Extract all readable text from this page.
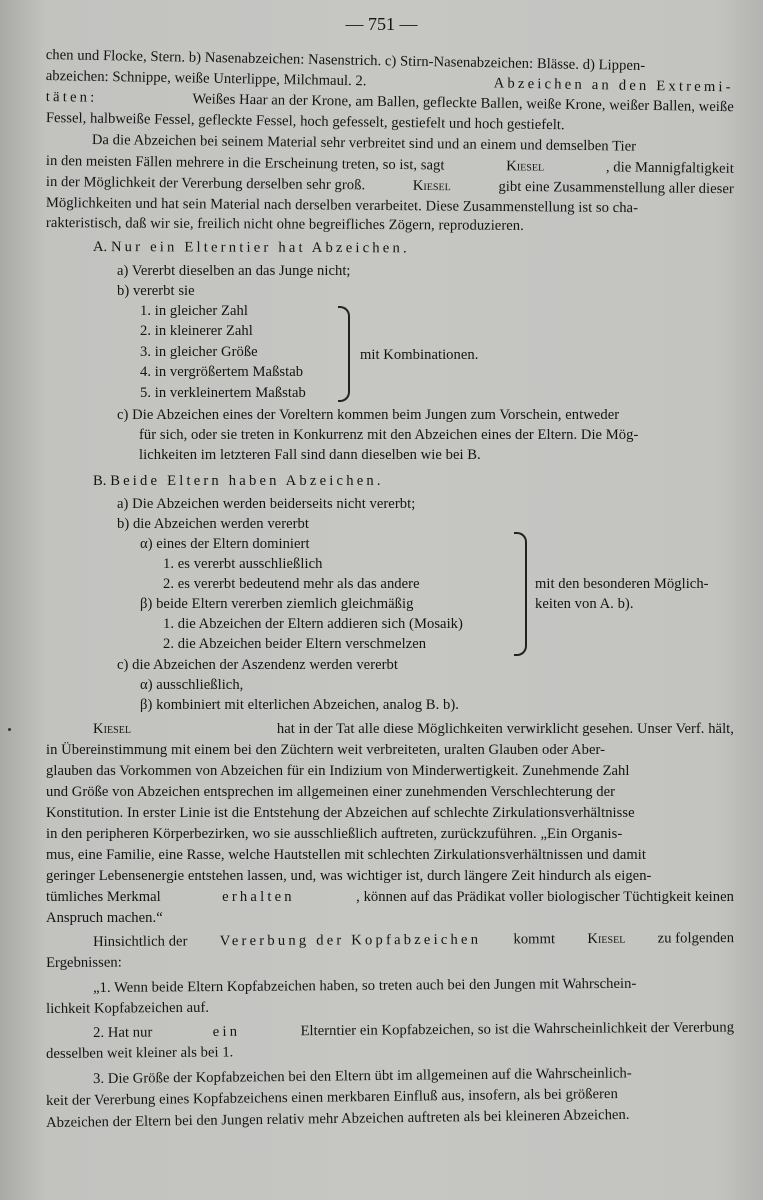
— 751 —
chen und Flocke, Stern. b) Nasenabzeichen: Nasenstrich. c) Stirn-Nasenabzeichen: Blässe. d) Lippen-
abzeichen: Schnippe, weiße Unterlippe, Milchmaul. 2.	Abzeichen an den Extremi-
täten:	Weißes Haar an der Krone, am Ballen, gefleckte Ballen, weiße Krone, weißer Ballen, weiße
Fessel, halbweiße Fessel, gefleckte Fessel, hoch gefesselt, gestiefelt und hoch gestiefelt.
Da die Abzeichen bei seinem Material sehr verbreitet sind und an einem und demselben Tier
in den meisten Fällen mehrere in die Erscheinung treten, so ist, sagt	Kiesel	, die Mannigfaltigkeit
in der Möglichkeit der Vererbung derselben sehr groß.	Kiesel	gibt eine Zusammenstellung aller dieser
Möglichkeiten und hat sein Material nach derselben verarbeitet. Diese Zusammenstellung ist so cha-
rakteristisch, daß wir sie, freilich nicht ohne begreifliches Zögern, reproduzieren.
A. Nur ein Elterntier hat Abzeichen.
a) Vererbt dieselben an das Junge nicht;
b) vererbt sie
1. in gleicher Zahl
2. in kleinerer Zahl
3. in gleicher Größe
4. in vergrößertem Maßstab
5. in verkleinertem Maßstab
mit Kombinationen.
c) Die Abzeichen eines der Voreltern kommen beim Jungen zum Vorschein, entweder
für sich, oder sie treten in Konkurrenz mit den Abzeichen eines der Eltern. Die Mög-
lichkeiten im letzteren Fall sind dann dieselben wie bei B.
B. Beide Eltern haben Abzeichen.
a) Die Abzeichen werden beiderseits nicht vererbt;
b) die Abzeichen werden vererbt
α) eines der Eltern dominiert
1. es vererbt ausschließlich
2. es vererbt bedeutend mehr als das andere
β) beide Eltern vererben ziemlich gleichmäßig
1. die Abzeichen der Eltern addieren sich (Mosaik)
2. die Abzeichen beider Eltern verschmelzen
mit den besonderen Möglich-
keiten von A. b).
c) die Abzeichen der Aszendenz werden vererbt
α) ausschließlich,
β) kombiniert mit elterlichen Abzeichen, analog B. b).
Kiesel	hat in der Tat alle diese Möglichkeiten verwirklicht gesehen. Unser Verf. hält,
in Übereinstimmung mit einem bei den Züchtern weit verbreiteten, uralten Glauben oder Aber-
glauben das Vorkommen von Abzeichen für ein Indizium von Minderwertigkeit. Zunehmende Zahl
und Größe von Abzeichen entsprechen im allgemeinen einer zunehmenden Verschlechterung der
Konstitution. In erster Linie ist die Entstehung der Abzeichen auf schlechte Zirkulationsverhältnisse
in den peripheren Körperbezirken, wo sie ausschließlich auftreten, zurückzuführen. „Ein Organis-
mus, eine Familie, eine Rasse, welche Hautstellen mit schlechten Zirkulationsverhältnissen und damit
geringer Lebensenergie entstehen lassen, und, was wichtiger ist, durch längere Zeit hindurch als eigen-
tümliches Merkmal	erhalten	, können auf das Prädikat voller biologischer Tüchtigkeit keinen
Anspruch machen.“
Hinsichtlich der Vererbung der Kopfabzeichen kommt Kiesel zu folgenden
Ergebnissen:
„1. Wenn beide Eltern Kopfabzeichen haben, so treten auch bei den Jungen mit Wahrschein-
lichkeit Kopfabzeichen auf.
2. Hat nur	ein	Elterntier ein Kopfabzeichen, so ist die Wahrscheinlichkeit der Vererbung
desselben weit kleiner als bei 1.
3. Die Größe der Kopfabzeichen bei den Eltern übt im allgemeinen auf die Wahrscheinlich-
keit der Vererbung eines Kopfabzeichens einen merkbaren Einfluß aus, insofern, als bei größeren
Abzeichen der Eltern bei den Jungen relativ mehr Abzeichen auftreten als bei kleineren Abzeichen.
